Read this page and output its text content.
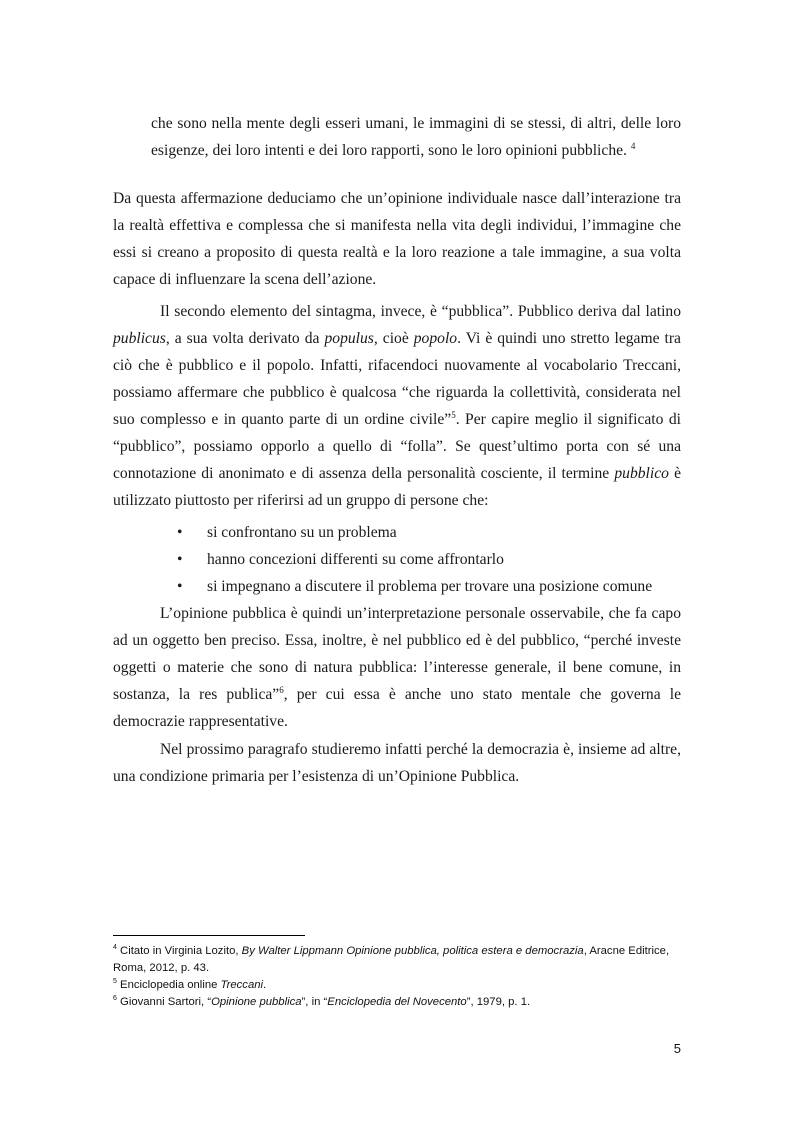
che sono nella mente degli esseri umani, le immagini di se stessi, di altri, delle loro esigenze, dei loro intenti e dei loro rapporti, sono le loro opinioni pubbliche. $^4$

Da questa affermazione deduciamo che un’opinione individuale nasce dall’interazione tra la realtà effettiva e complessa che si manifesta nella vita degli individui, l’immagine che essi si creano a proposito di questa realtà e la loro reazione a tale immagine, a sua volta capace di influenzare la scena dell’azione.

Il secondo elemento del sintagma, invece, è “pubblica”. Pubblico deriva dal latino publicus, a sua volta derivato da populus, cioè popolo. Vi è quindi uno stretto legame tra ciò che è pubblico e il popolo. Infatti, rifacendoci nuovamente al vocabolario Treccani, possiamo affermare che pubblico è qualcosa “che riguarda la collettività, considerata nel suo complesso e in quanto parte di un ordine civile”$^5$. Per capire meglio il significato di “pubblico”, possiamo opporlo a quello di “folla”. Se quest’ultimo porta con sé una connotazione di anonimato e di assenza della personalità cosciente, il termine pubblico è utilizzato piuttosto per riferirsi ad un gruppo di persone che:

• si confrontano su un problema
• hanno concezioni differenti su come affrontarlo
• si impegnano a discutere il problema per trovare una posizione comune

L’opinione pubblica è quindi un’interpretazione personale osservabile, che fa capo ad un oggetto ben preciso. Essa, inoltre, è nel pubblico ed è del pubblico, “perché investe oggetti o materie che sono di natura pubblica: l’interesse generale, il bene comune, in sostanza, la res publica”$^6$, per cui essa è anche uno stato mentale che governa le democrazie rappresentative.

Nel prossimo paragrafo studieremo infatti perché la democrazia è, insieme ad altre, una condizione primaria per l’esistenza di un’Opinione Pubblica.

$^4$ Citato in Virginia Lozito, By Walter Lippmann Opinione pubblica, politica estera e democrazia, Aracne Editrice, Roma, 2012, p. 43.

$^5$ Enciclopedia online Treccani.

$^6$ Giovanni Sartori, “Opinione pubblica”, in “Enciclopedia del Novecento”, 1979, p. 1.

5
